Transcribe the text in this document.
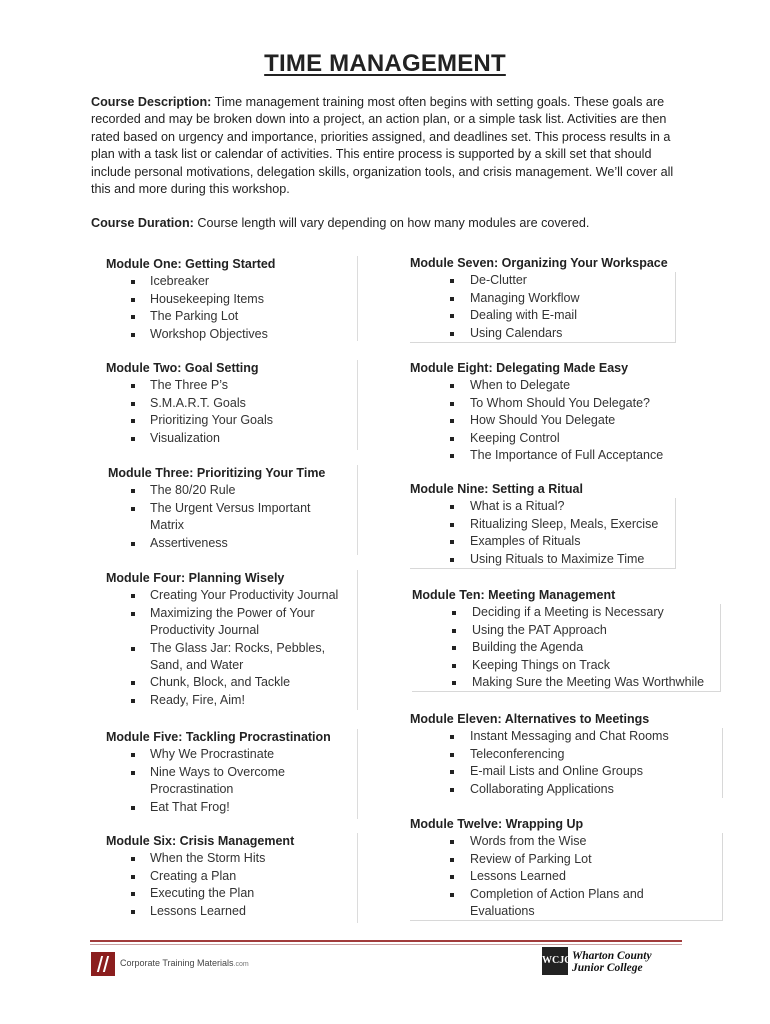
TIME MANAGEMENT
Course Description: Time management training most often begins with setting goals. These goals are recorded and may be broken down into a project, an action plan, or a simple task list. Activities are then rated based on urgency and importance, priorities assigned, and deadlines set. This process results in a plan with a task list or calendar of activities. This entire process is supported by a skill set that should include personal motivations, delegation skills, organization tools, and crisis management. We’ll cover all this and more during this workshop.
Course Duration: Course length will vary depending on how many modules are covered.
Module One: Getting Started
Icebreaker
Housekeeping Items
The Parking Lot
Workshop Objectives
Module Two: Goal Setting
The Three P’s
S.M.A.R.T. Goals
Prioritizing Your Goals
Visualization
Module Three: Prioritizing Your Time
The 80/20 Rule
The Urgent Versus Important Matrix
Assertiveness
Module Four: Planning Wisely
Creating Your Productivity Journal
Maximizing the Power of Your Productivity Journal
The Glass Jar: Rocks, Pebbles, Sand, and Water
Chunk, Block, and Tackle
Ready, Fire, Aim!
Module Five: Tackling Procrastination
Why We Procrastinate
Nine Ways to Overcome Procrastination
Eat That Frog!
Module Six: Crisis Management
When the Storm Hits
Creating a Plan
Executing the Plan
Lessons Learned
Module Seven: Organizing Your Workspace
De-Clutter
Managing Workflow
Dealing with E-mail
Using Calendars
Module Eight: Delegating Made Easy
When to Delegate
To Whom Should You Delegate?
How Should You Delegate
Keeping Control
The Importance of Full Acceptance
Module Nine: Setting a Ritual
What is a Ritual?
Ritualizing Sleep, Meals, Exercise
Examples of Rituals
Using Rituals to Maximize Time
Module Ten: Meeting Management
Deciding if a Meeting is Necessary
Using the PAT Approach
Building the Agenda
Keeping Things on Track
Making Sure the Meeting Was Worthwhile
Module Eleven: Alternatives to Meetings
Instant Messaging and Chat Rooms
Teleconferencing
E-mail Lists and Online Groups
Collaborating Applications
Module Twelve: Wrapping Up
Words from the Wise
Review of Parking Lot
Lessons Learned
Completion of Action Plans and Evaluations
Corporate Training Materials.com	WCJC Wharton County
Junior College
